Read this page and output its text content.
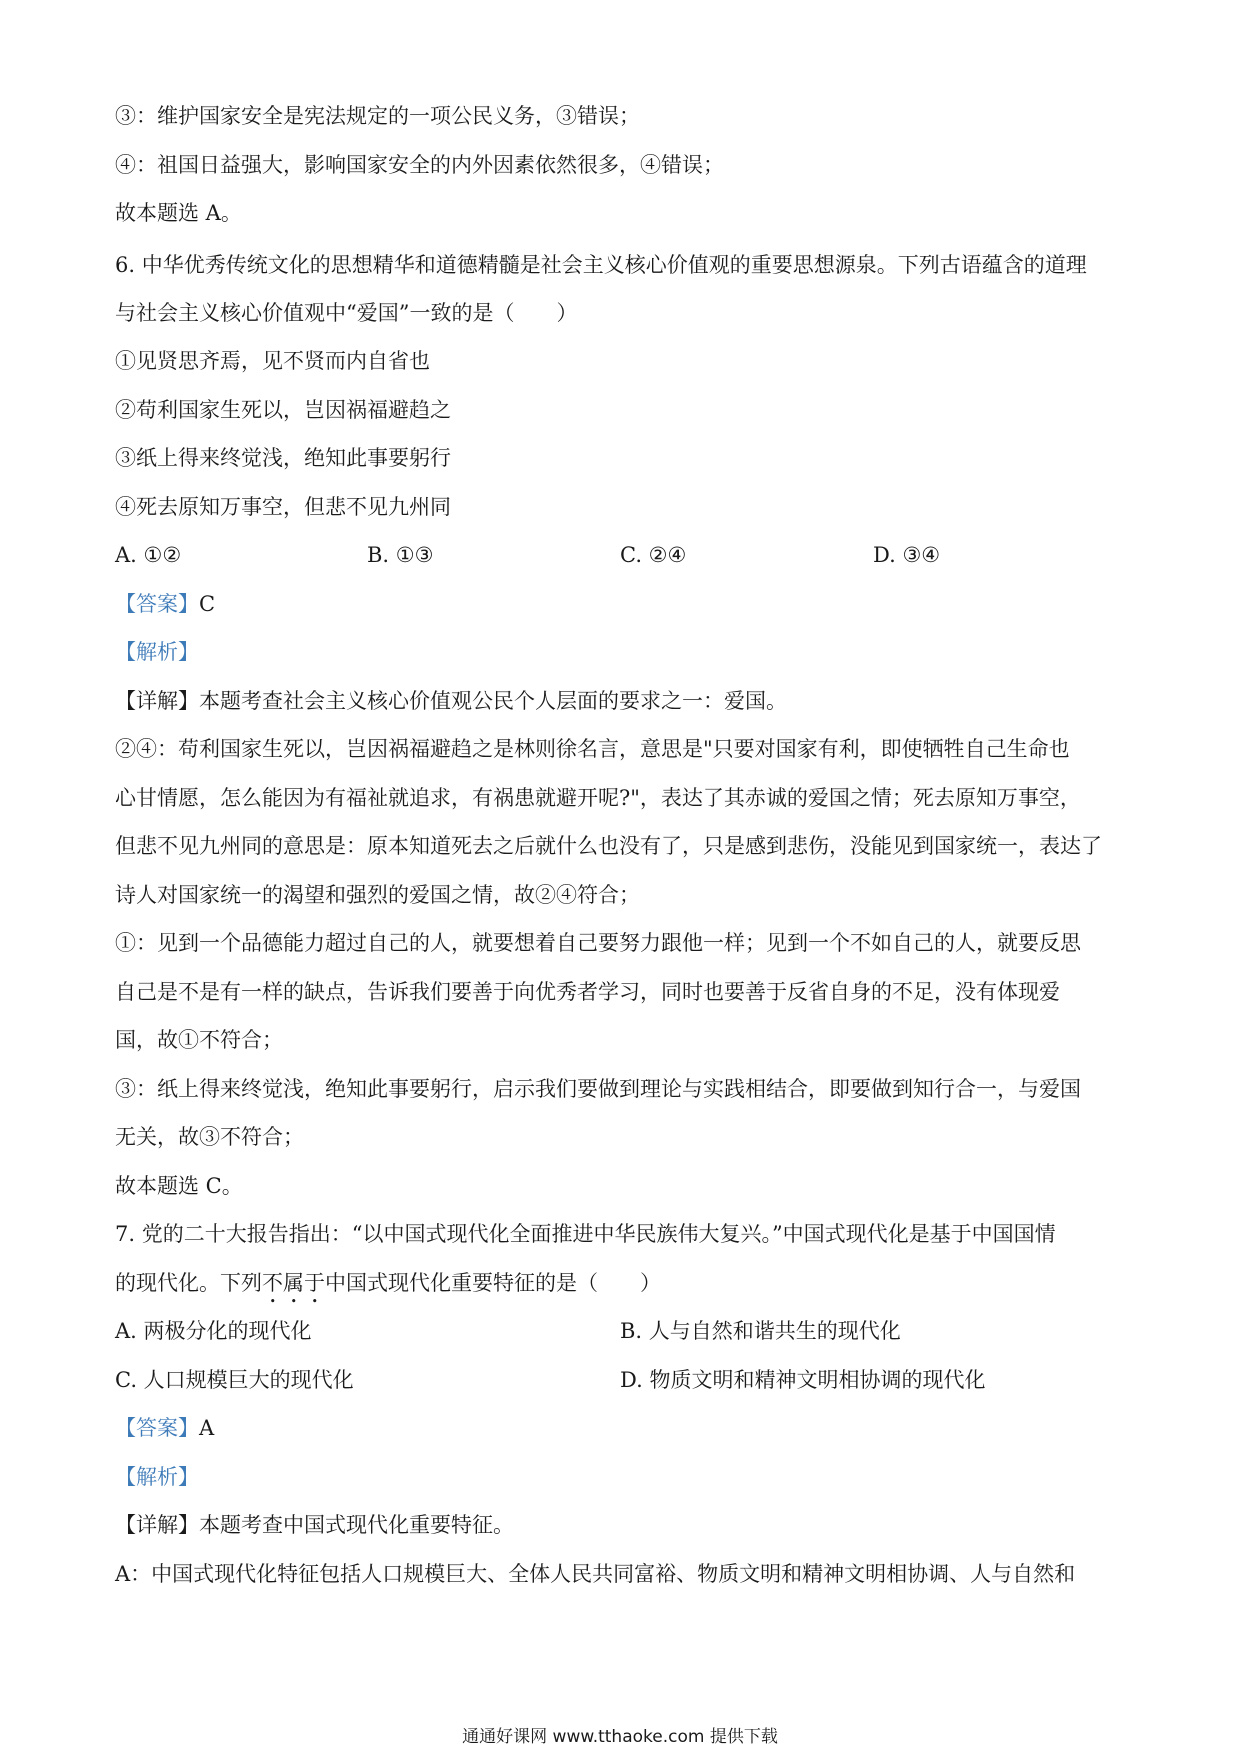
③：维护国家安全是宪法规定的一项公民义务，③错误；
④：祖国日益强大，影响国家安全的内外因素依然很多，④错误；
故本题选 A。
6. 中华优秀传统文化的思想精华和道德精髓是社会主义核心价值观的重要思想源泉。下列古语蕴含的道理
与社会主义核心价值观中“爱国”一致的是（　　）
①见贤思齐焉，见不贤而内自省也
②苟利国家生死以，岂因祸福避趋之
③纸上得来终觉浅，绝知此事要躬行
④死去原知万事空，但悲不见九州同
A. ①②	B. ①③	C. ②④	D. ③④
【答案】C
【解析】
【详解】本题考查社会主义核心价值观公民个人层面的要求之一：爱国。
②④：苟利国家生死以，岂因祸福避趋之是林则徐名言，意思是"只要对国家有利，即使牺牲自己生命也
心甘情愿，怎么能因为有福祉就追求，有祸患就避开呢?"，表达了其赤诚的爱国之情；死去原知万事空，
但悲不见九州同的意思是：原本知道死去之后就什么也没有了，只是感到悲伤，没能见到国家统一，表达了
诗人对国家统一的渴望和强烈的爱国之情，故②④符合；
①：见到一个品德能力超过自己的人，就要想着自己要努力跟他一样；见到一个不如自己的人，就要反思
自己是不是有一样的缺点，告诉我们要善于向优秀者学习，同时也要善于反省自身的不足，没有体现爱
国，故①不符合；
③：纸上得来终觉浅，绝知此事要躬行，启示我们要做到理论与实践相结合，即要做到知行合一，与爱国
无关，故③不符合；
故本题选 C。
7. 党的二十大报告指出：“以中国式现代化全面推进中华民族伟大复兴。”中国式现代化是基于中国国情
的现代化。下列不属于中国式现代化重要特征的是（　　）
A. 两极分化的现代化	B. 人与自然和谐共生的现代化
C. 人口规模巨大的现代化	D. 物质文明和精神文明相协调的现代化
【答案】A
【解析】
【详解】本题考查中国式现代化重要特征。
A：中国式现代化特征包括人口规模巨大、全体人民共同富裕、物质文明和精神文明相协调、人与自然和
通通好课网 www.tthaoke.com 提供下载
